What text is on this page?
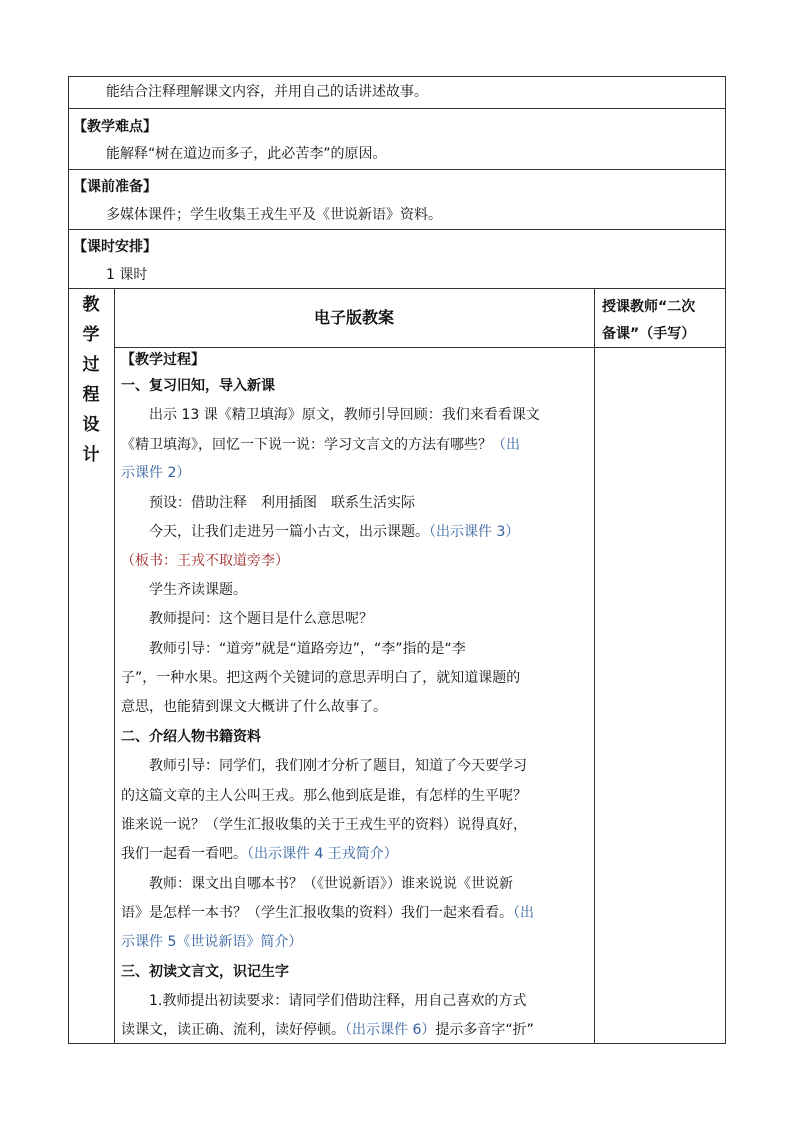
能结合注释理解课文内容，并用自己的话讲述故事。
【教学难点】
能解释“树在道边而多子，此必苦李”的原因。
【课前准备】
多媒体课件；学生收集王戎生平及《世说新语》资料。
【课时安排】
1 课时
教
学
过
程
设
计
电子版教案
授课教师“二次
备课”（手写）
【教学过程】
一、复习旧知，导入新课
出示 13 课《精卫填海》原文，教师引导回顾：我们来看看课文
《精卫填海》，回忆一下说一说：学习文言文的方法有哪些？（出
示课件 2）
预设：借助注释　利用插图　联系生活实际
今天，让我们走进另一篇小古文，出示课题。（出示课件 3）
（板书：王戎不取道旁李）
学生齐读课题。
教师提问：这个题目是什么意思呢？
教师引导：“道旁”就是“道路旁边”，“李”指的是“李
子”，一种水果。把这两个关键词的意思弄明白了，就知道课题的
意思，也能猜到课文大概讲了什么故事了。
二、介绍人物书籍资料
教师引导：同学们，我们刚才分析了题目，知道了今天要学习
的这篇文章的主人公叫王戎。那么他到底是谁，有怎样的生平呢？
谁来说一说？（学生汇报收集的关于王戎生平的资料）说得真好，
我们一起看一看吧。（出示课件 4 王戎简介）
教师：课文出自哪本书？（《世说新语》）谁来说说《世说新
语》是怎样一本书？（学生汇报收集的资料）我们一起来看看。（出
示课件 5《世说新语》简介）
三、初读文言文，识记生字
1.教师提出初读要求：请同学们借助注释，用自己喜欢的方式
读课文，读正确、流利，读好停顿。（出示课件 6）提示多音字“折”
